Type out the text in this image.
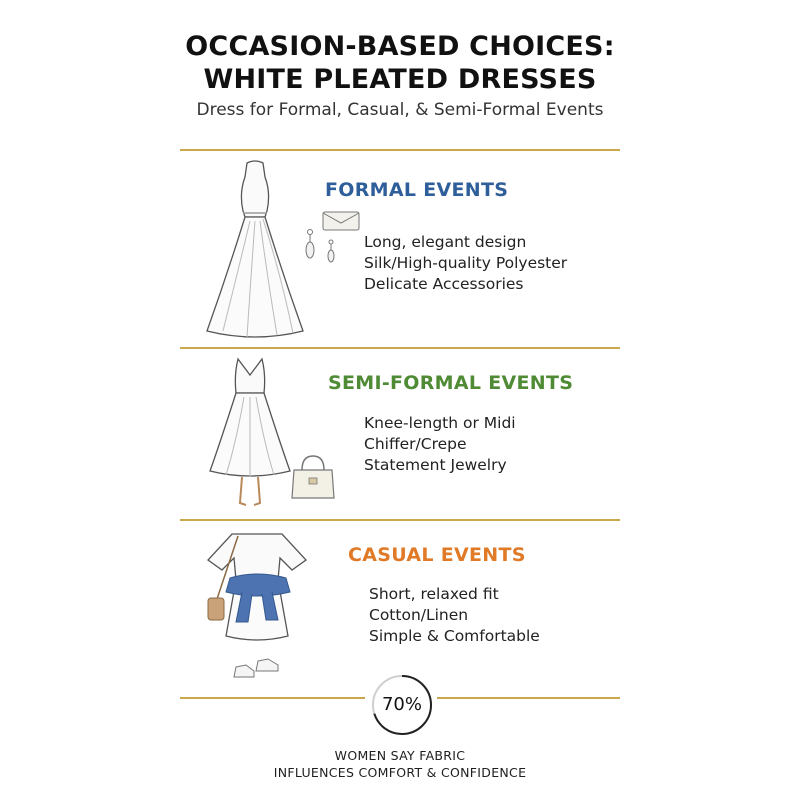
OCCASION-BASED CHOICES:
WHITE PLEATED DRESSES
Dress for Formal, Casual, & Semi-Formal Events
FORMAL EVENTS
Long, elegant design
Silk/High-quality Polyester
Delicate Accessories
SEMI-FORMAL EVENTS
Knee-length or Midi
Chiffer/Crepe
Statement Jewelry
CASUAL EVENTS
Short, relaxed fit
Cotton/Linen
Simple & Comfortable
70%
WOMEN SAY FABRIC
INFLUENCES COMFORT & CONFIDENCE
